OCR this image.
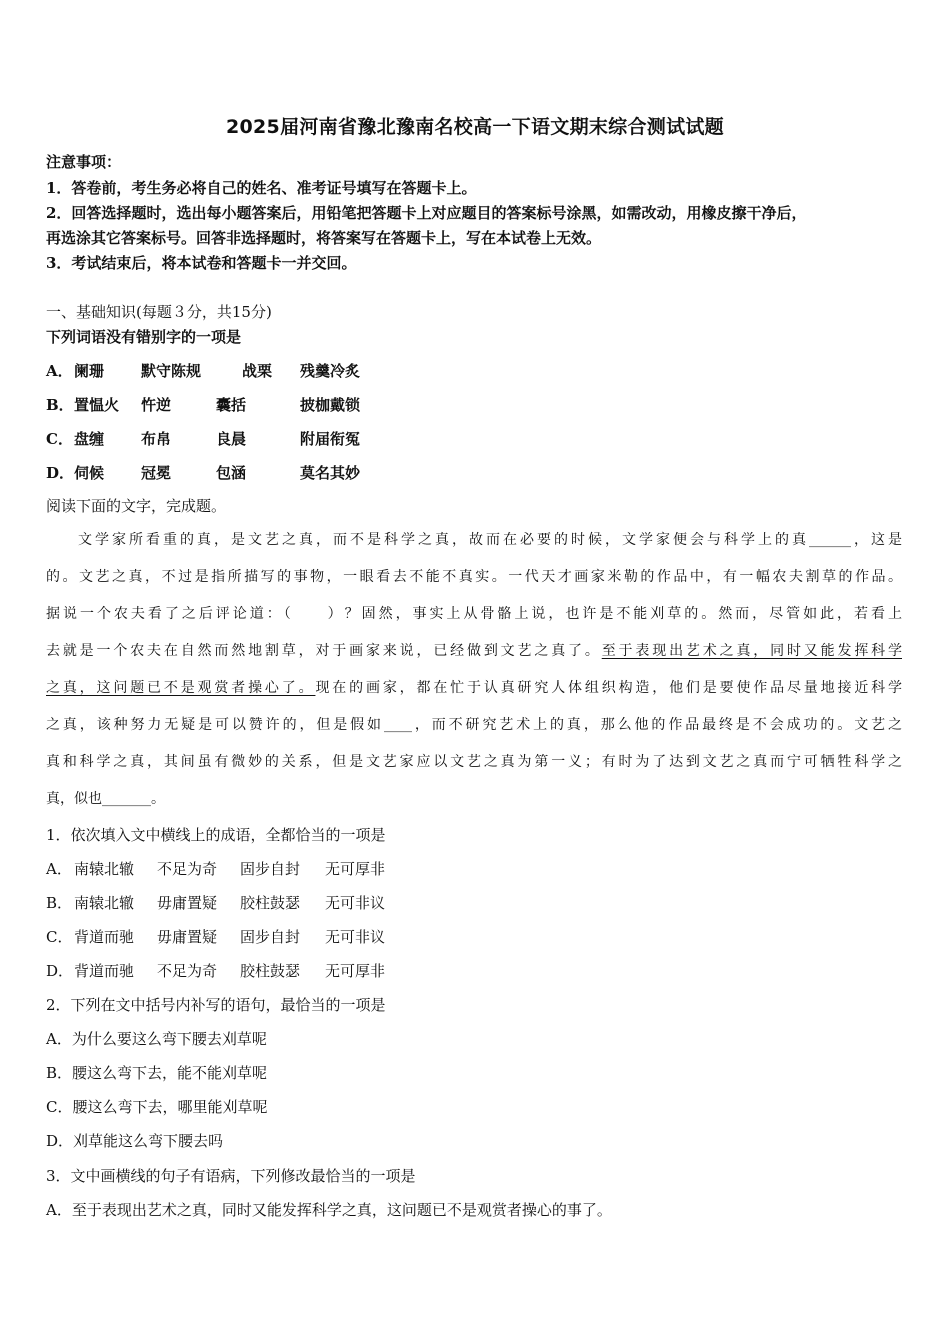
2025届河南省豫北豫南名校高一下语文期末综合测试试题
注意事项：
1．答卷前，考生务必将自己的姓名、准考证号填写在答题卡上。
2．回答选择题时，选出每小题答案后，用铅笔把答题卡上对应题目的答案标号涂黑，如需改动，用橡皮擦干净后，
再选涂其它答案标号。回答非选择题时，将答案写在答题卡上，写在本试卷上无效。
3．考试结束后，将本试卷和答题卡一并交回。
一、基础知识(每题３分，共15分)
下列词语没有错别字的一项是
A． 阑珊 默守陈规	战栗 残羹冷炙
B． 置愠火 忤逆	囊括	披枷戴锁
C． 盘缠 布帛	良晨	附届衔冤
D． 伺候 冠冕	包涵	莫名其妙
阅读下面的文字，完成题。
文学家所看重的真，是文艺之真，而不是科学之真，故而在必要的时候，文学家便会与科学上的真______，这是
的。文艺之真，不过是指所描写的事物，一眼看去不能不真实。一代天才画家米勒的作品中，有一幅农夫割草的作品。
据说一个农夫看了之后评论道：（　　）？固然，事实上从骨骼上说，也许是不能刈草的。然而，尽管如此，若看上
去就是一个农夫在自然而然地割草，对于画家来说，已经做到文艺之真了。至于表现出艺术之真，同时又能发挥科学
之真，这问题已不是观赏者操心了。现在的画家，都在忙于认真研究人体组织构造，他们是要使作品尽量地接近科学
之真，该种努力无疑是可以赞许的，但是假如____，而不研究艺术上的真，那么他的作品最终是不会成功的。文艺之
真和科学之真，其间虽有微妙的关系，但是文艺家应以文艺之真为第一义；有时为了达到文艺之真而宁可牺牲科学之
真，似也_______。
1．依次填入文中横线上的成语，全都恰当的一项是
A． 南辕北辙 不足为奇 固步自封 无可厚非
B． 南辕北辙 毋庸置疑 胶柱鼓瑟 无可非议
C． 背道而驰 毋庸置疑 固步自封 无可非议
D． 背道而驰 不足为奇 胶柱鼓瑟 无可厚非
2．下列在文中括号内补写的语句，最恰当的一项是
A．为什么要这么弯下腰去刈草呢
B．腰这么弯下去，能不能刈草呢
C．腰这么弯下去，哪里能刈草呢
D．刈草能这么弯下腰去吗
3．文中画横线的句子有语病，下列修改最恰当的一项是
A．至于表现出艺术之真，同时又能发挥科学之真，这问题已不是观赏者操心的事了。
